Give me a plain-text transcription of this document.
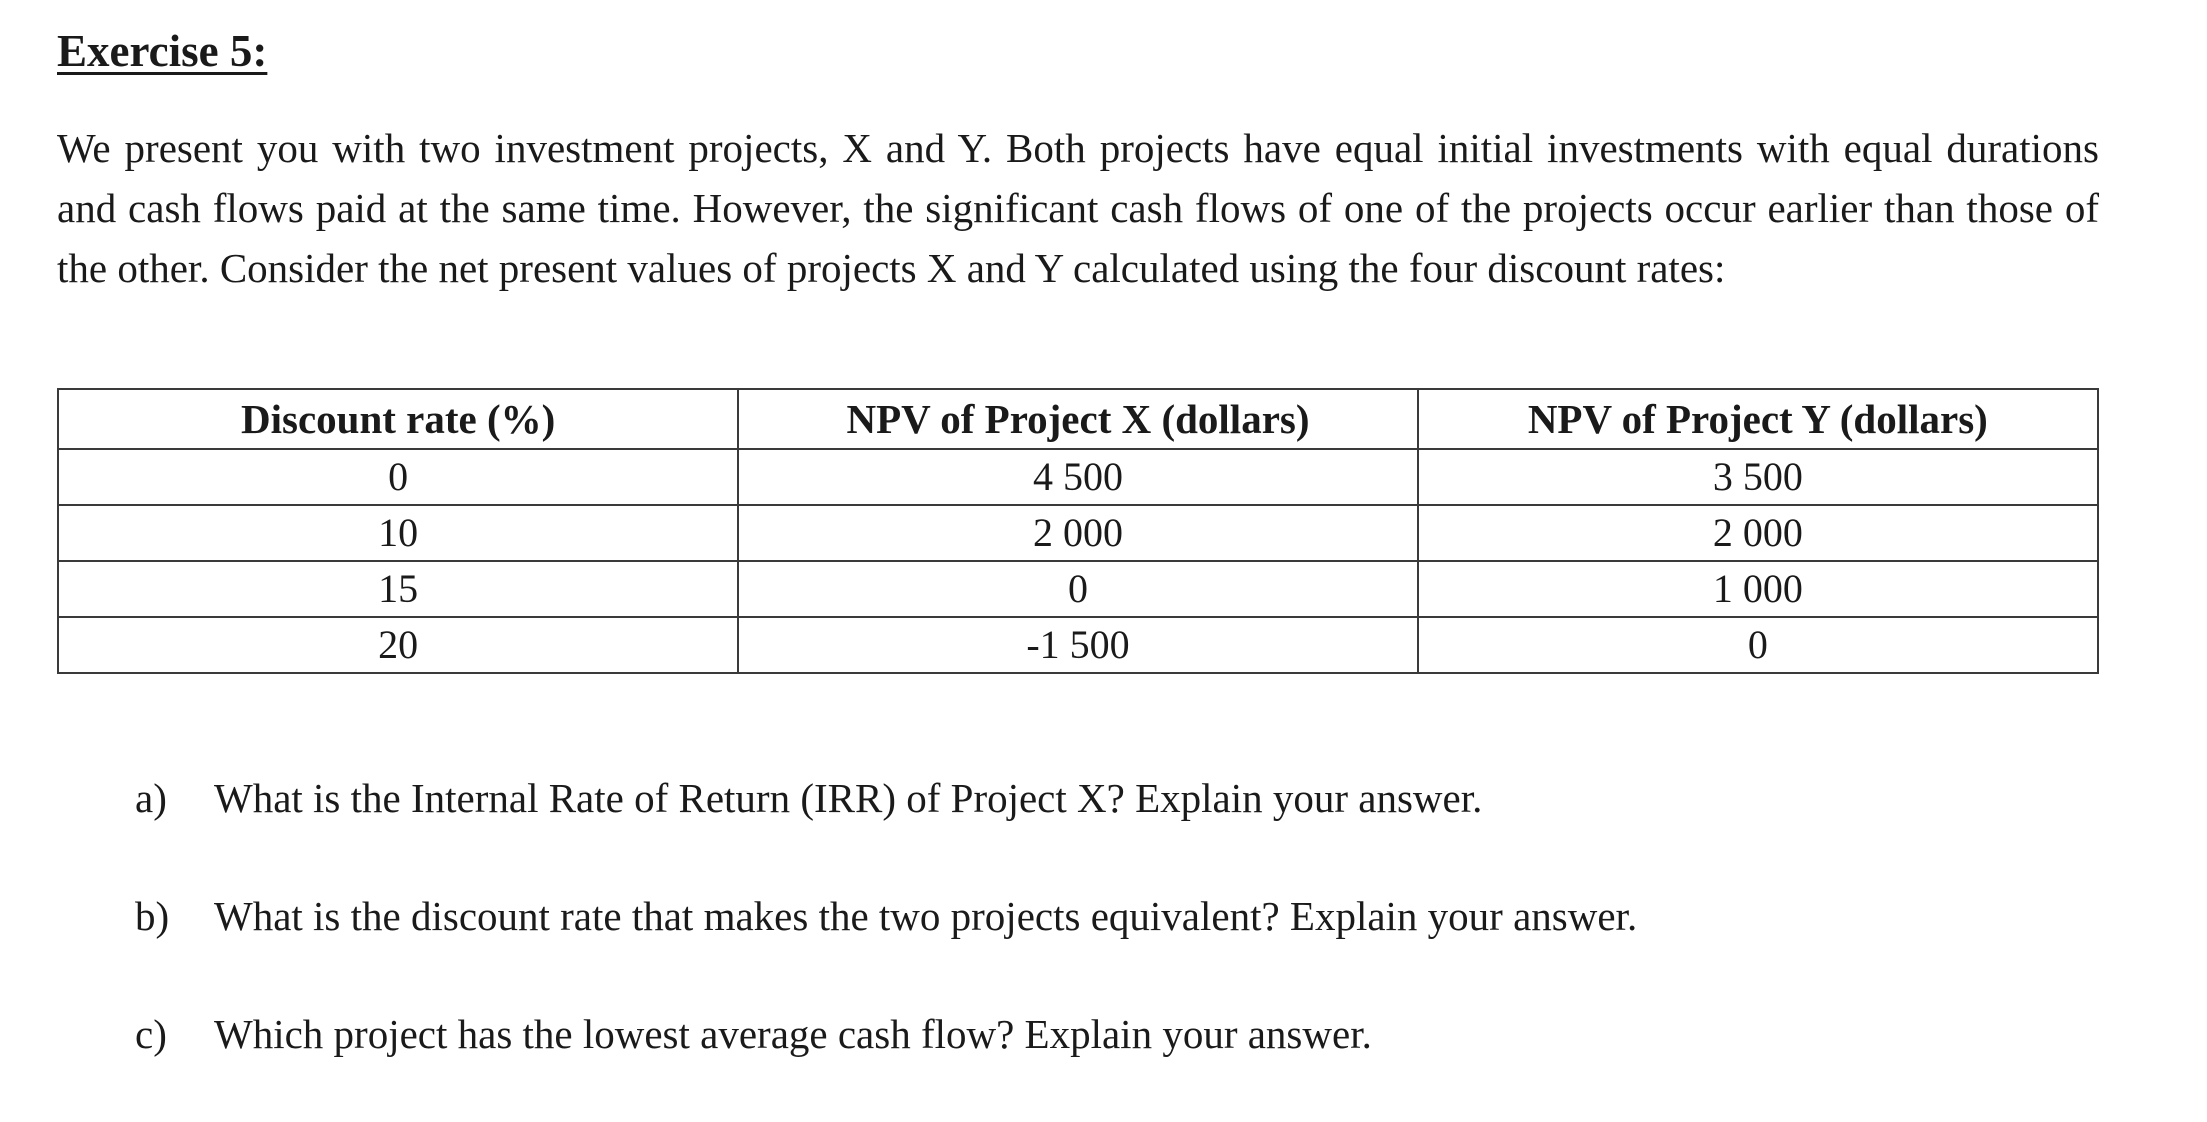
Exercise 5:

We present you with two investment projects, X and Y. Both projects have equal initial investments with equal durations and cash flows paid at the same time. However, the significant cash flows of one of the projects occur earlier than those of the other. Consider the net present values of projects X and Y calculated using the four discount rates:

Discount rate (%)	NPV of Project X (dollars)	NPV of Project Y (dollars)
0	4 500	3 500
10	2 000	2 000
15	0	1 000
20	-1 500	0
a) What is the Internal Rate of Return (IRR) of Project X? Explain your answer.
b) What is the discount rate that makes the two projects equivalent? Explain your answer.
c) Which project has the lowest average cash flow? Explain your answer.
